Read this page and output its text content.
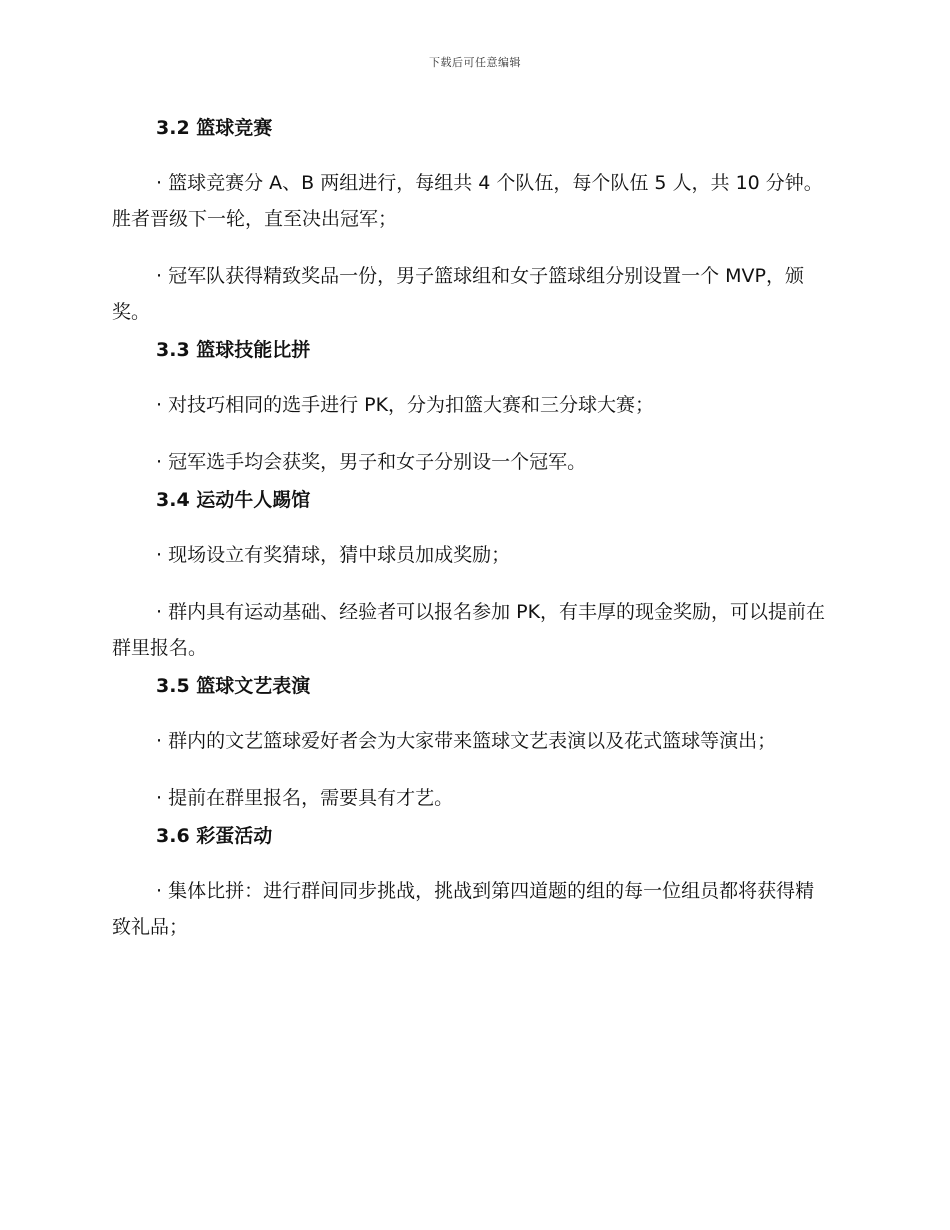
下载后可任意编辑
3.2 篮球竞赛

· 篮球竞赛分 A、B 两组进行，每组共 4 个队伍，每个队伍 5 人，共 10 分钟。胜者晋级下一轮，直至决出冠军；

· 冠军队获得精致奖品一份，男子篮球组和女子篮球组分别设置一个 MVP，颁奖。

3.3 篮球技能比拼

· 对技巧相同的选手进行 PK，分为扣篮大赛和三分球大赛；

· 冠军选手均会获奖，男子和女子分别设一个冠军。

3.4 运动牛人踢馆

· 现场设立有奖猜球，猜中球员加成奖励；

· 群内具有运动基础、经验者可以报名参加 PK，有丰厚的现金奖励，可以提前在群里报名。

3.5 篮球文艺表演

· 群内的文艺篮球爱好者会为大家带来篮球文艺表演以及花式篮球等演出；

· 提前在群里报名，需要具有才艺。

3.6 彩蛋活动

· 集体比拼：进行群间同步挑战，挑战到第四道题的组的每一位组员都将获得精致礼品；
